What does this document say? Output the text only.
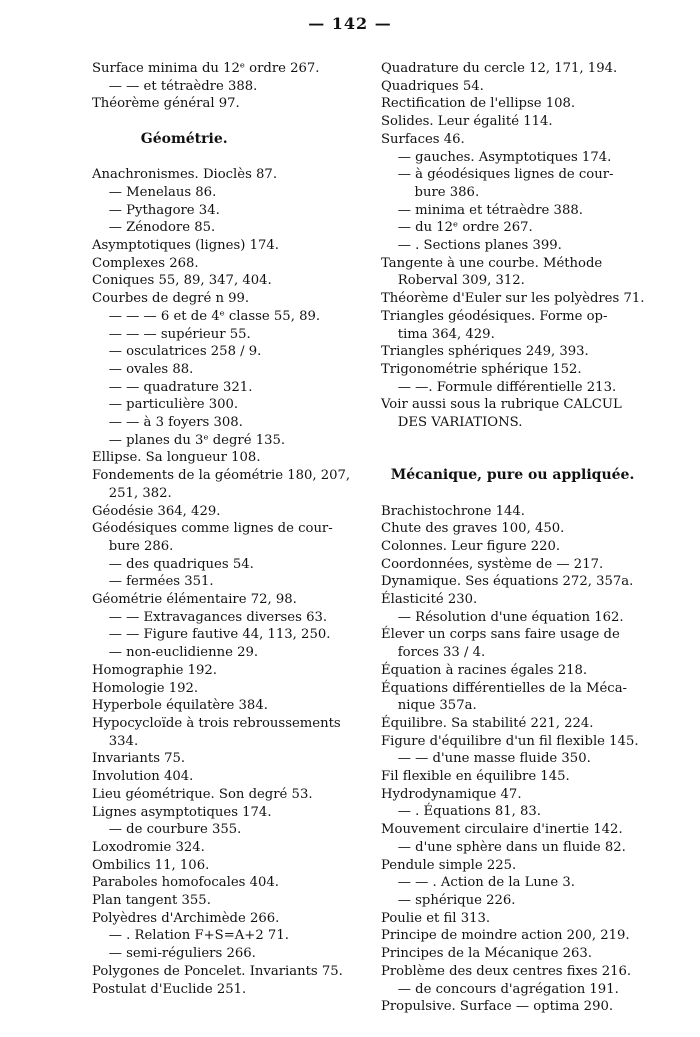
— 142 —
Surface minima du 12ᵉ ordre 267.
— — et tétraèdre 388.
Théorème général 97.
Géométrie.
Anachronismes. Dioclès 87.
— Menelaus 86.
— Pythagore 34.
— Zénodore 85.
Asymptotiques (lignes) 174.
Complexes 268.
Coniques 55, 89, 347, 404.
Courbes de degré n 99.
— — — 6 et de 4ᵉ classe 55, 89.
— — — supérieur 55.
— osculatrices 258 / 9.
— ovales 88.
— — quadrature 321.
— particulière 300.
— — à 3 foyers 308.
— planes du 3ᵉ degré 135.
Ellipse. Sa longueur 108.
Fondements de la géométrie 180, 207,
251, 382.
Géodésie 364, 429.
Géodésiques comme lignes de cour-
bure 286.
— des quadriques 54.
— fermées 351.
Géométrie élémentaire 72, 98.
— — Extravagances diverses 63.
— — Figure fautive 44, 113, 250.
— non-euclidienne 29.
Homographie 192.
Homologie 192.
Hyperbole équilatère 384.
Hypocycloïde à trois rebroussements
334.
Invariants 75.
Involution 404.
Lieu géométrique. Son degré 53.
Lignes asymptotiques 174.
— de courbure 355.
Loxodromie 324.
Ombilics 11, 106.
Paraboles homofocales 404.
Plan tangent 355.
Polyèdres d'Archimède 266.
— . Relation F+S=A+2 71.
— semi-réguliers 266.
Polygones de Poncelet. Invariants 75.
Postulat d'Euclide 251.
Quadrature du cercle 12, 171, 194.
Quadriques 54.
Rectification de l'ellipse 108.
Solides. Leur égalité 114.
Surfaces 46.
— gauches. Asymptotiques 174.
— à géodésiques lignes de cour-
bure 386.
— minima et tétraèdre 388.
— du 12ᵉ ordre 267.
— . Sections planes 399.
Tangente à une courbe. Méthode
Roberval 309, 312.
Théorème d'Euler sur les polyèdres 71.
Triangles géodésiques. Forme op-
tima 364, 429.
Triangles sphériques 249, 393.
Trigonométrie sphérique 152.
— —. Formule différentielle 213.
Voir aussi sous la rubrique CALCUL
DES VARIATIONS.
Mécanique, pure ou appliquée.
Brachistochrone 144.
Chute des graves 100, 450.
Colonnes. Leur figure 220.
Coordonnées, système de — 217.
Dynamique. Ses équations 272, 357a.
Élasticité 230.
— Résolution d'une équation 162.
Élever un corps sans faire usage de
forces 33 / 4.
Équation à racines égales 218.
Équations différentielles de la Méca-
nique 357a.
Équilibre. Sa stabilité 221, 224.
Figure d'équilibre d'un fil flexible 145.
— — d'une masse fluide 350.
Fil flexible en équilibre 145.
Hydrodynamique 47.
— . Équations 81, 83.
Mouvement circulaire d'inertie 142.
— d'une sphère dans un fluide 82.
Pendule simple 225.
— — . Action de la Lune 3.
— sphérique 226.
Poulie et fil 313.
Principe de moindre action 200, 219.
Principes de la Mécanique 263.
Problème des deux centres fixes 216.
— de concours d'agrégation 191.
Propulsive. Surface — optima 290.
